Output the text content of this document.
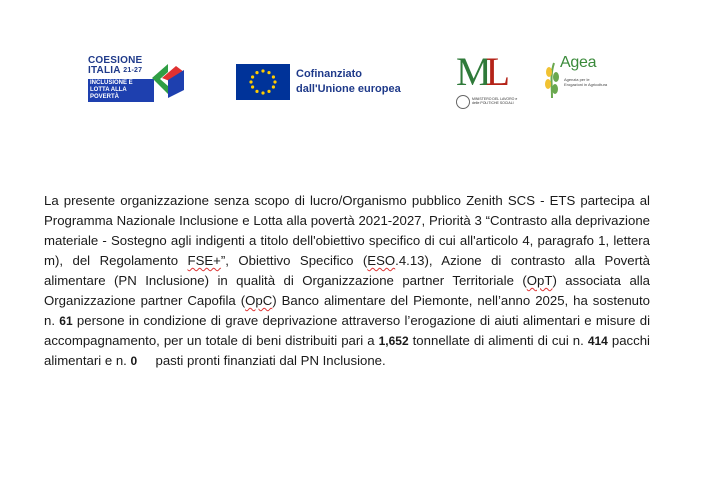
COESIONE
ITALIA $^{21-27}$
INCLUSIONE E LOTTA ALLA POVERTÀ
Cofinanziato
dall'Unione europea ML
MINISTERO DEL LAVORO e delle POLITICHE SOCIALI
Agea
Agenzia per le Erogazioni in Agricoltura

La presente organizzazione senza scopo di lucro/Organismo pubblico Zenith SCS - ETS partecipa al Programma Nazionale Inclusione e Lotta alla povertà 2021-2027, Priorità 3 “Contrasto alla deprivazione materiale - Sostegno agli indigenti a titolo dell'obiettivo specifico di cui all'articolo 4, paragrafo 1, lettera m), del Regolamento FSE+”, Obiettivo Specifico (ESO.4.13), Azione di contrasto alla Povertà alimentare (PN Inclusione) in qualità di Organizzazione partner Territoriale (OpT) associata alla Organizzazione partner Capofila (OpC) Banco alimentare del Piemonte, nell’anno 2025, ha sostenuto n. 61 persone in condizione di grave deprivazione attraverso l’erogazione di aiuti alimentari e misure di accompagnamento, per un totale di beni distribuiti pari a 1,652 tonnellate di alimenti di cui n. 414 pacchi alimentari e n. 0     pasti pronti finanziati dal PN Inclusione.
